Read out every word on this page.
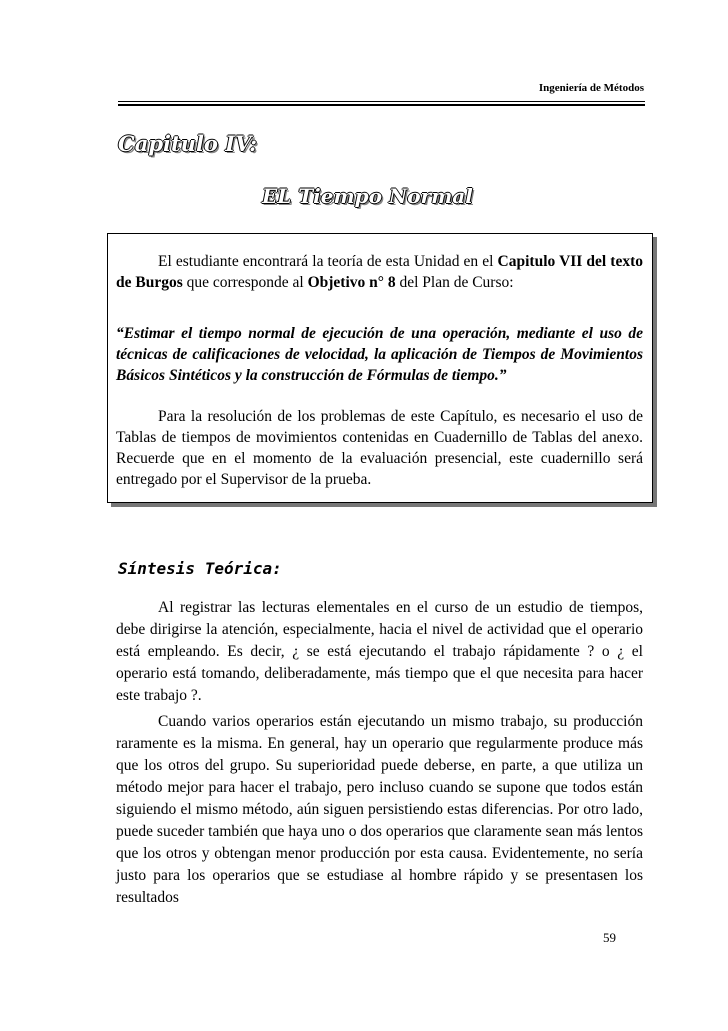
Ingeniería de Métodos
Capitulo IV:
EL Tiempo Normal

El estudiante encontrará la teoría de esta Unidad en el Capitulo VII del texto de Burgos que corresponde al Objetivo n° 8 del Plan de Curso:

“Estimar el tiempo normal de ejecución de una operación, mediante el uso de técnicas de calificaciones de velocidad, la aplicación de Tiempos de Movimientos Básicos Sintéticos y la construcción de Fórmulas de tiempo.”

Para la resolución de los problemas de este Capítulo, es necesario el uso de Tablas de tiempos de movimientos contenidas en Cuadernillo de Tablas del anexo. Recuerde que en el momento de la evaluación presencial, este cuadernillo será entregado por el Supervisor de la prueba.

Síntesis Teórica:

Al registrar las lecturas elementales en el curso de un estudio de tiempos, debe dirigirse la atención, especialmente, hacia el nivel de actividad que el operario está empleando. Es decir, ¿ se está ejecutando el trabajo rápidamente ? o ¿ el operario está tomando, deliberadamente, más tiempo que el que necesita para hacer este trabajo ?.

Cuando varios operarios están ejecutando un mismo trabajo, su producción raramente es la misma. En general, hay un operario que regularmente produce más que los otros del grupo. Su superioridad puede deberse, en parte, a que utiliza un método mejor para hacer el trabajo, pero incluso cuando se supone que todos están siguiendo el mismo método, aún siguen persistiendo estas diferencias. Por otro lado, puede suceder también que haya uno o dos operarios que claramente sean más lentos que los otros y obtengan menor producción por esta causa. Evidentemente, no sería justo para los operarios que se estudiase al hombre rápido y se presentasen los resultados

59
